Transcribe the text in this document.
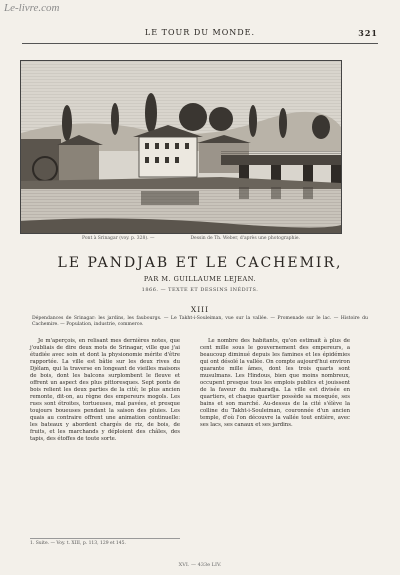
Le-livre.com
LE TOUR DU MONDE.	321
Pont à Srinagar (voy. p. 328). —	Dessin de Th. Weber, d'après une photographie.
LE PANDJAB ET LE CACHEMIR,
PAR M. GUILLAUME LEJEAN.
1866. — TEXTE ET DESSINS INÉDITS.
XIII
Dépendances de Srinagar: les jardins, les faubourgs. — Le Takht-i-Souleiman, vue sur la vallée. — Promenade sur le lac. — Histoire du Cachemire. — Population, industrie, commerce.

Je m'aperçois, en relisant mes dernières notes, que j'oubliais de dire deux mots de Srinagar, ville que j'ai étudiée avec soin et dont la physionomie mérite d'être rapportée. La ville est bâtie sur les deux rives du Djélam, qui la traverse en longeant de vieilles maisons de bois, dont les balcons surplombent le fleuve et offrent un aspect des plus pittoresques. Sept ponts de bois relient les deux parties de la cité; le plus ancien remonte, dit-on, au règne des empereurs mogols. Les rues sont étroites, tortueuses, mal pavées, et presque toujours boueuses pendant la saison des pluies. Les quais au contraire offrent une animation continuelle: les bateaux y abordent chargés de riz, de bois, de fruits, et les marchands y déploient des châles, des tapis, des étoffes de toute sorte.

Le nombre des habitants, qu'on estimait à plus de cent mille sous le gouvernement des empereurs, a beaucoup diminué depuis les famines et les épidémies qui ont désolé la vallée. On compte aujourd'hui environ quarante mille âmes, dont les trois quarts sont musulmans. Les Hindous, bien que moins nombreux, occupent presque tous les emplois publics et jouissent de la faveur du maharadja. La ville est divisée en quartiers, et chaque quartier possède sa mosquée, ses bains et son marché. Au-dessus de la cité s'élève la colline du Takht-i-Souleiman, couronnée d'un ancien temple, d'où l'on découvre la vallée tout entière, avec ses lacs, ses canaux et ses jardins.

1. Suite. — Voy. t. XIII, p. 113, 129 et 145.
XVI. — 433e LIV.
